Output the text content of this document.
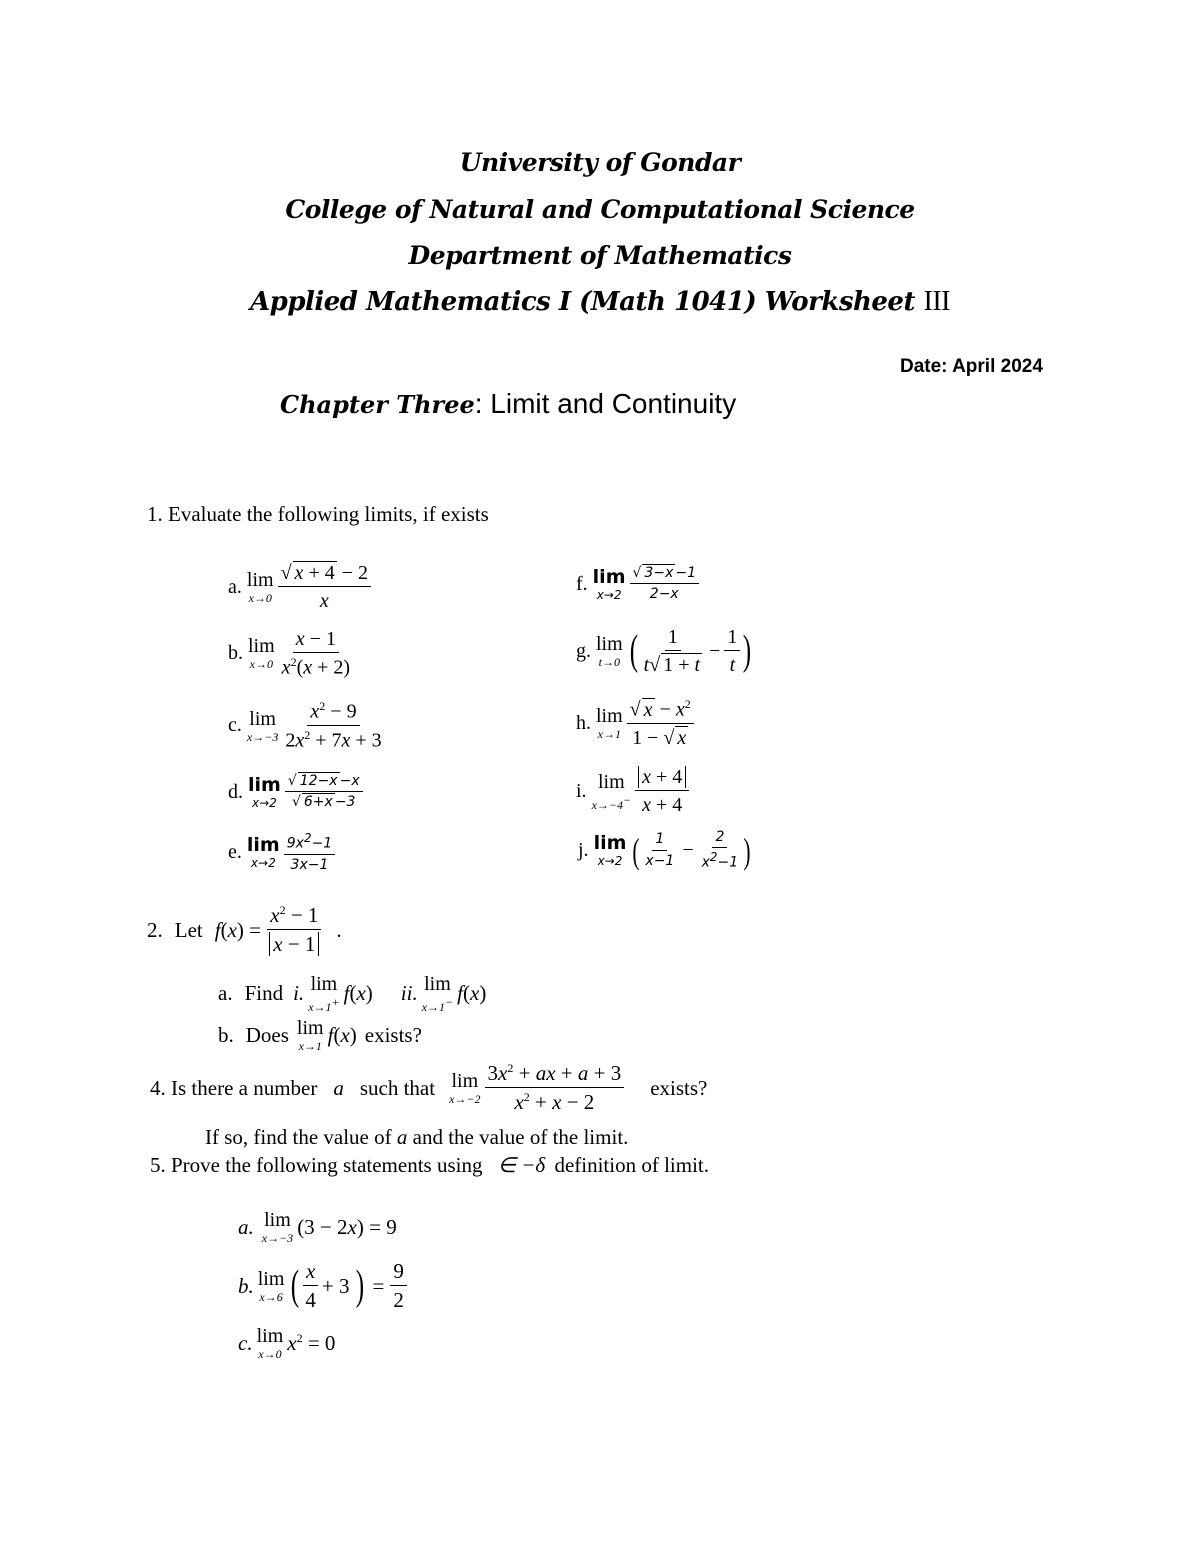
University of Gondar
College of Natural and Computational Science
Department of Mathematics
Applied Mathematics I (Math 1041) Worksheet III
Date: April 2024
Chapter Three: Limit and Continuity
1. Evaluate the following limits, if exists
a. lim
$x\to 0 \frac{√ x + 4 - 2}{x}$
b. lim
$x\to 0 \frac{x - 1}{x^2(x + 2)}$
c. lim
$x\to-3 \frac{x^2 - 9}{2x^2 + 7x + 3}$
d. lim
$x\to 2 \frac{√ 12-x -x}{√ 6+x -3}$
e. lim
$x\to 2 \frac{9x^2-1}{3x-1}$
f. lim
$x\to 2 \frac{√ 3-x -1}{2-x}$
g. lim
t→0 ( $\frac{1}{t√ 1 + t} - \frac{1}{t}$ )
h. lim
$x\to 1 \frac{√ x - x^2}{1 - √ x}$
i. lim
$x\to-4^- \frac{x + 4}{x + 4}$
j. lim
x→2 ( $\frac{1}{x-1} - \frac{2}{x^2-1}$ )
2. Let $f(x) = \frac{x^2 - 1}{x - 1}$ .
a. Find i. lim
x→1+ f(x) ii. lim
x→1− f(x)
b. Does lim
x→1 f(x) exists?
4. Is there a number a such that lim
$x\to-2 \frac{3x^2 + ax + a + 3}{x^2 + x - 2}$ exists?
If so, find the value of a and the value of the limit.
5. Prove the following statements using ∈ −δ definition of limit.
a. lim
x→−3 (3 − 2x) = 9
b. lim
x→6 ( $\frac{x}{4} + 3$ ) = $\frac{9}{2}$
c. lim
x→0 $x^2 = 0$
